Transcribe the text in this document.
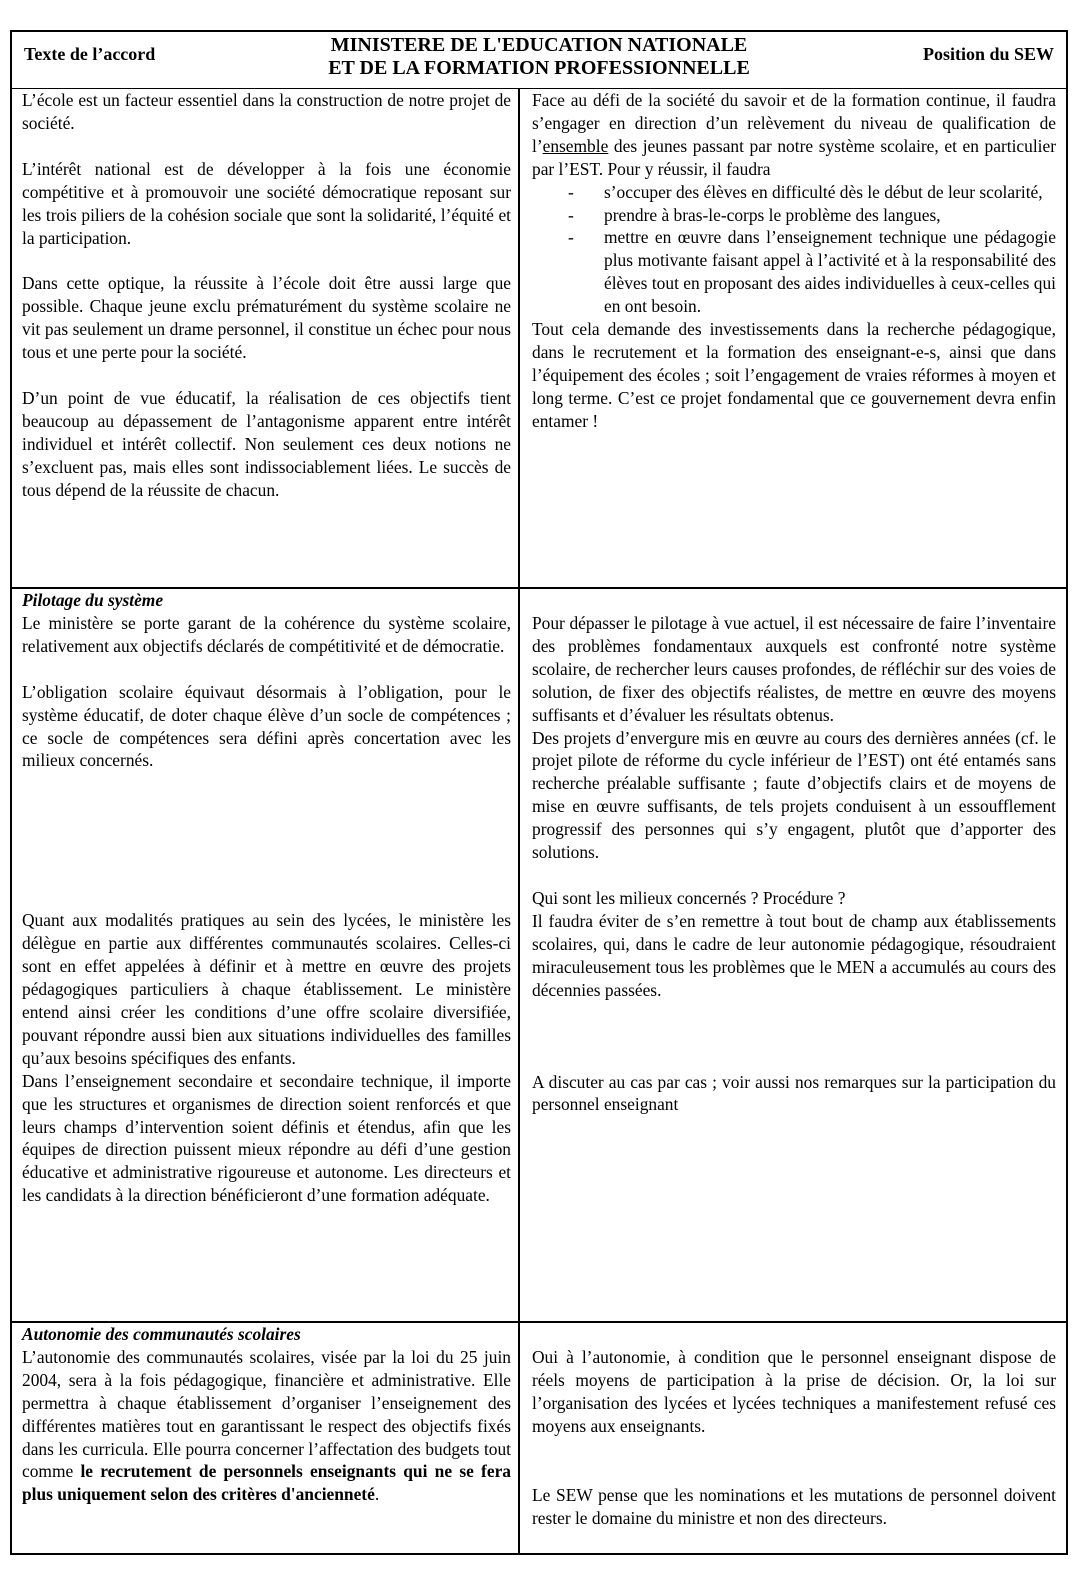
Texte de l’accord	MINISTERE DE L'EDUCATION NATIONALE
ET DE LA FORMATION PROFESSIONNELLE
Position du SEW

L’école est un facteur essentiel dans la construction de notre projet de société.

L’intérêt national est de développer à la fois une économie compétitive et à promouvoir une société démocratique reposant sur les trois piliers de la cohésion sociale que sont la solidarité, l’équité et la participation.

Dans cette optique, la réussite à l’école doit être aussi large que possible. Chaque jeune exclu prématurément du système scolaire ne vit pas seulement un drame personnel, il constitue un échec pour nous tous et une perte pour la société.

D’un point de vue éducatif, la réalisation de ces objectifs tient beaucoup au dépassement de l’antagonisme apparent entre intérêt individuel et intérêt collectif. Non seulement ces deux notions ne s’excluent pas, mais elles sont indissociablement liées. Le succès de tous dépend de la réussite de chacun.

Face au défi de la société du savoir et de la formation continue, il faudra s’engager en direction d’un relèvement du niveau de qualification de l’ensemble des jeunes passant par notre système scolaire, et en particulier par l’EST. Pour y réussir, il faudra

- s’occuper des élèves en difficulté dès le début de leur scolarité,
- prendre à bras-le-corps le problème des langues,
- mettre en œuvre dans l’enseignement technique une pédagogie plus motivante faisant appel à l’activité et à la responsabilité des élèves tout en proposant des aides individuelles à ceux-celles qui en ont besoin.

Tout cela demande des investissements dans la recherche pédagogique, dans le recrutement et la formation des enseignant-e-s, ainsi que dans l’équipement des écoles ; soit l’engagement de vraies réformes à moyen et long terme. C’est ce projet fondamental que ce gouvernement devra enfin entamer !

Pilotage du système

Le ministère se porte garant de la cohérence du système scolaire, relativement aux objectifs déclarés de compétitivité et de démocratie.

L’obligation scolaire équivaut désormais à l’obligation, pour le système éducatif, de doter chaque élève d’un socle de compétences ; ce socle de compétences sera défini après concertation avec les milieux concernés.

Quant aux modalités pratiques au sein des lycées, le ministère les délègue en partie aux différentes communautés scolaires. Celles-ci sont en effet appelées à définir et à mettre en œuvre des projets pédagogiques particuliers à chaque établissement. Le ministère entend ainsi créer les conditions d’une offre scolaire diversifiée, pouvant répondre aussi bien aux situations individuelles des familles qu’aux besoins spécifiques des enfants.

Dans l’enseignement secondaire et secondaire technique, il importe que les structures et organismes de direction soient renforcés et que leurs champs d’intervention soient définis et étendus, afin que les équipes de direction puissent mieux répondre au défi d’une gestion éducative et administrative rigoureuse et autonome. Les directeurs et les candidats à la direction bénéficieront d’une formation adéquate.

Pour dépasser le pilotage à vue actuel, il est nécessaire de faire l’inventaire des problèmes fondamentaux auxquels est confronté notre système scolaire, de rechercher leurs causes profondes, de réfléchir sur des voies de solution, de fixer des objectifs réalistes, de mettre en œuvre des moyens suffisants et d’évaluer les résultats obtenus.

Des projets d’envergure mis en œuvre au cours des dernières années (cf. le projet pilote de réforme du cycle inférieur de l’EST) ont été entamés sans recherche préalable suffisante ; faute d’objectifs clairs et de moyens de mise en œuvre suffisants, de tels projets conduisent à un essoufflement progressif des personnes qui s’y engagent, plutôt que d’apporter des solutions.

Qui sont les milieux concernés ? Procédure ?

Il faudra éviter de s’en remettre à tout bout de champ aux établissements scolaires, qui, dans le cadre de leur autonomie pédagogique, résoudraient miraculeusement tous les problèmes que le MEN a accumulés au cours des décennies passées.

A discuter au cas par cas ; voir aussi nos remarques sur la participation du personnel enseignant

Autonomie des communautés scolaires

L’autonomie des communautés scolaires, visée par la loi du 25 juin 2004, sera à la fois pédagogique, financière et administrative. Elle permettra à chaque établissement d’organiser l’enseignement des différentes matières tout en garantissant le respect des objectifs fixés dans les curricula. Elle pourra concerner l’affectation des budgets tout comme le recrutement de personnels enseignants qui ne se fera plus uniquement selon des critères d'ancienneté.

Oui à l’autonomie, à condition que le personnel enseignant dispose de réels moyens de participation à la prise de décision. Or, la loi sur l’organisation des lycées et lycées techniques a manifestement refusé ces moyens aux enseignants.

Le SEW pense que les nominations et les mutations de personnel doivent rester le domaine du ministre et non des directeurs.
